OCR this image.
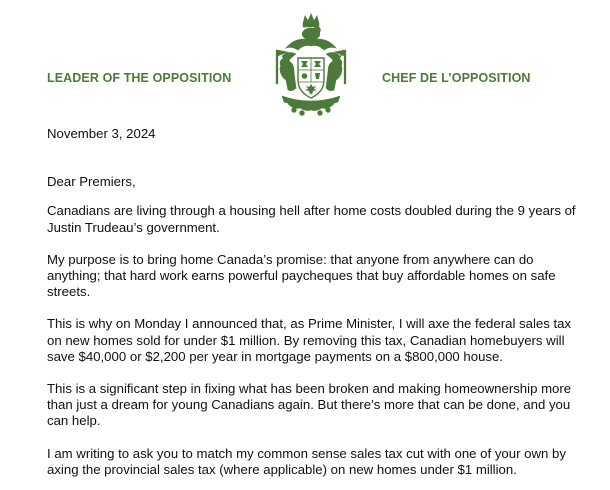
LEADER OF THE OPPOSITION	CHEF DE L’OPPOSITION

November 3, 2024

Dear Premiers,

Canadians are living through a housing hell after home costs doubled during the 9 years of Justin Trudeau’s government.

My purpose is to bring home Canada’s promise: that anyone from anywhere can do anything; that hard work earns powerful paycheques that buy affordable homes on safe streets.

This is why on Monday I announced that, as Prime Minister, I will axe the federal sales tax on new homes sold for under $1 million. By removing this tax, Canadian homebuyers will save $40,000 or $2,200 per year in mortgage payments on a $800,000 house.

This is a significant step in fixing what has been broken and making homeownership more than just a dream for young Canadians again. But there’s more that can be done, and you can help.

I am writing to ask you to match my common sense sales tax cut with one of your own by axing the provincial sales tax (where applicable) on new homes under $1 million.
